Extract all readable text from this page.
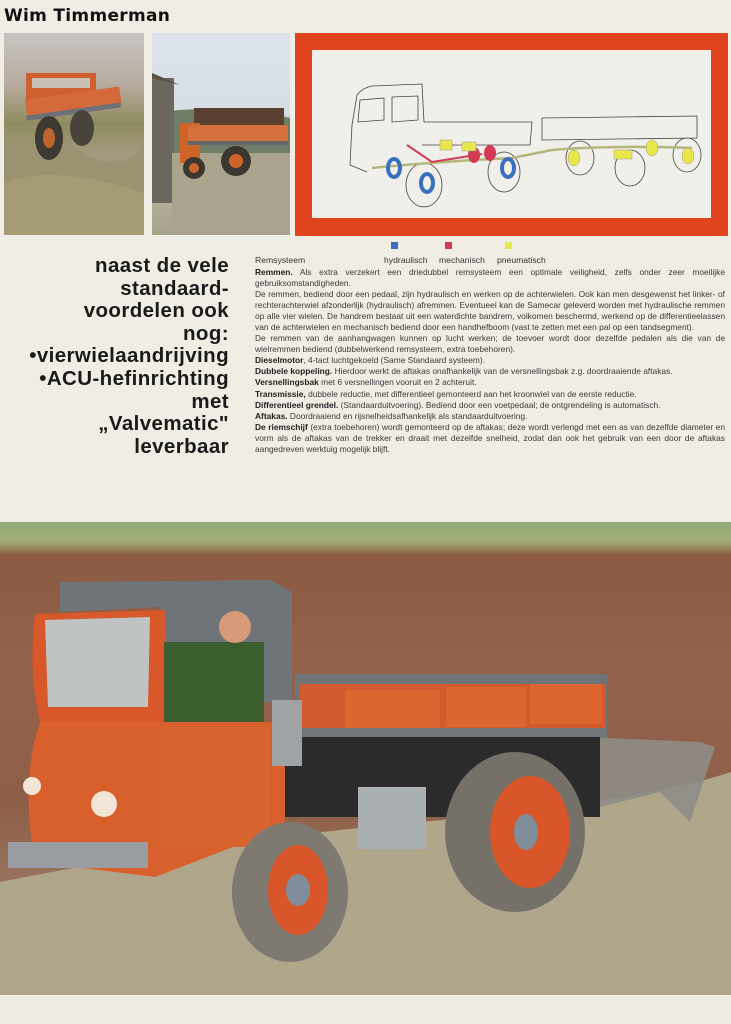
Wim Timmerman
naast de vele
standaard-
voordelen ook
nog:
•vierwielaandrijving
•ACU-hefinrichting
met
„Valvematic"
leverbaar
Remsysteem	hydraulisch mechanisch pneumatisch

Remmen. Als extra verzekert een driedubbel remsysteem een optimale veiligheid, zelfs onder zeer moeilijke gebruiksomstandigheden.

De remmen, bediend door een pedaal, zijn hydraulisch en werken op de achterwielen. Ook kan men desgewenst het linker- of rechterachterwiel afzonderlijk (hydraulisch) afremmen. Eventueel kan de Samecar geleverd worden met hydraulische remmen op alle vier wielen. De handrem bestaat uit een waterdichte bandrem, volkomen beschermd, werkend op de differentieelassen van de achterwielen en mechanisch bediend door een handhefboom (vast te zetten met een pal op een tandsegment).

De remmen van de aanhangwagen kunnen op lucht werken; de toevoer wordt door dezelfde pedalen als die van de wielremmen bediend (dubbelwerkend remsysteem, extra toebehoren).

Dieselmotor, 4-tact luchtgekoeld (Same Standaard systeem).

Dubbele koppeling. Hierdoor werkt de aftakas onafhankelijk van de versnellingsbak z.g. doordraaiende aftakas.

Versnellingsbak met 6 versnellingen vooruit en 2 achteruit.

Transmissie, dubbele reductie, met differentieel gemonteerd aan het kroonwiel van de eerste reductie.

Differentieel grendel. (Standaarduitvoering). Bediend door een voetpedaal; de ontgrendeling is automatisch.

Aftakas. Doordraaiend en rijsnelheidsafhankelijk als standaarduitvoering.

De riemschijf (extra toebehoren) wordt gemonteerd op de aftakas; deze wordt verlengd met een as van dezelfde diameter en vorm als de aftakas van de trekker en draait met dezelfde snelheid, zodat dan ook het gebruik van een door de aftakas aangedreven werktuig mogelijk blijft.
